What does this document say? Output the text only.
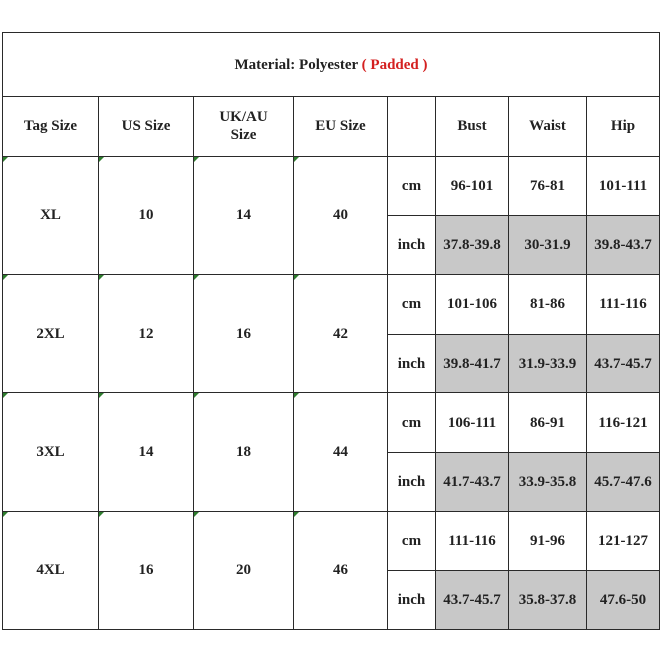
Material: Polyester ( Padded )							
Tag Size	US Size	UK/AU
Size	EU Size		Bust	Waist	Hip
XL	10	14	40	cm	96-101	76-81	101-111
				inch	37.8-39.8	30-31.9	39.8-43.7
2XL	12	16	42	cm	101-106	81-86	111-116
				inch	39.8-41.7	31.9-33.9	43.7-45.7
3XL	14	18	44	cm	106-111	86-91	116-121
				inch	41.7-43.7	33.9-35.8	45.7-47.6
4XL	16	20	46	cm	111-116	91-96	121-127
				inch	43.7-45.7	35.8-37.8	47.6-50
